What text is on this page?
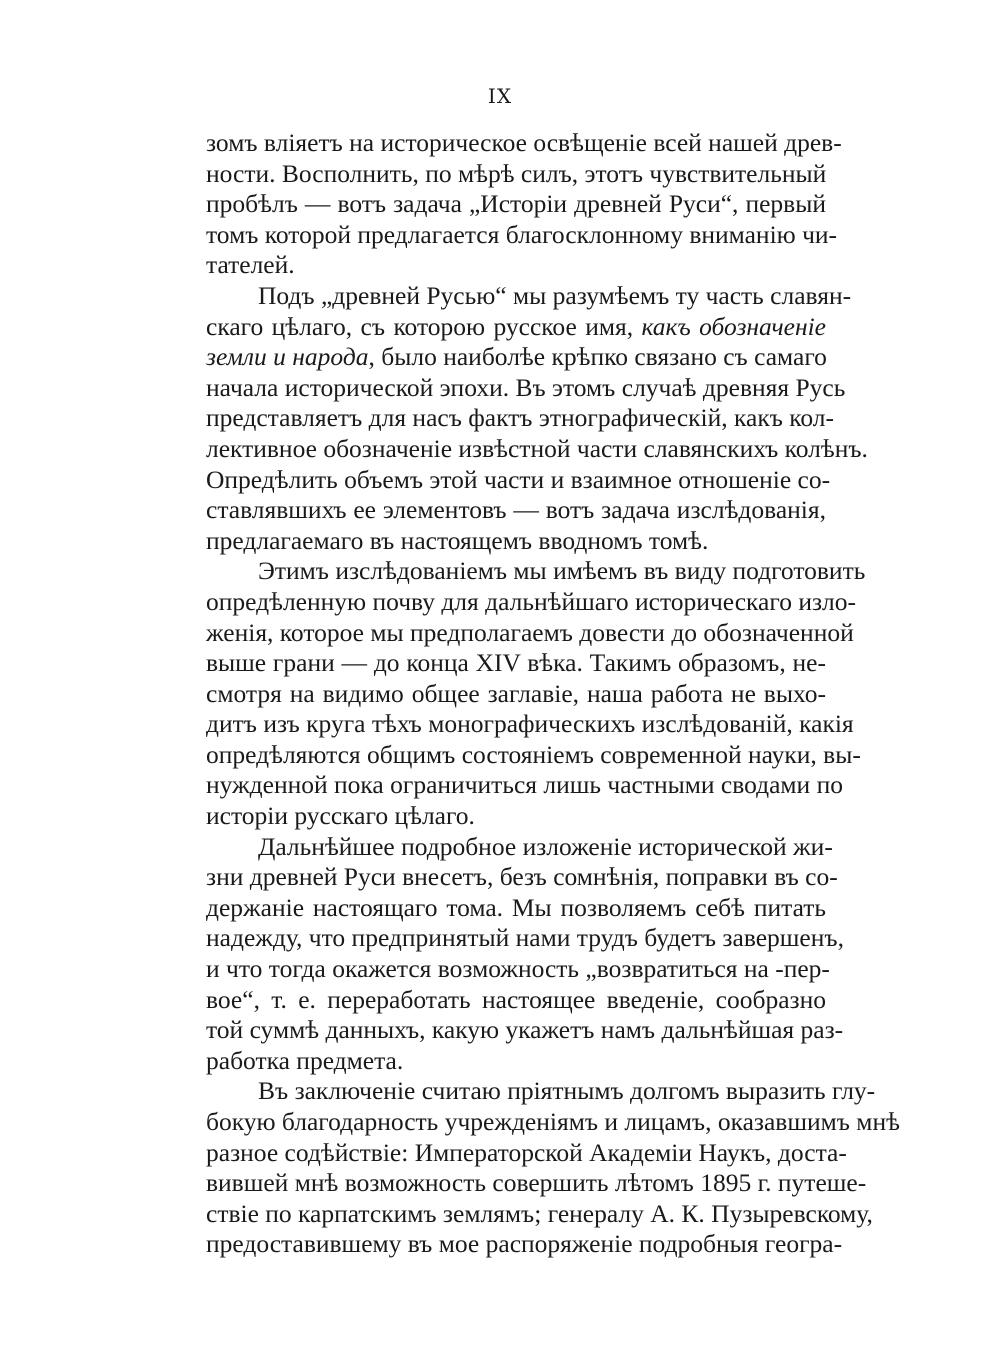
IX
зомъ вліяетъ на историческое освѣщеніе всей нашей древ-
ности. Восполнить, по мѣрѣ силъ, этотъ чувствительный
пробѣлъ — вотъ задача „Исторіи древней Руси“, первый
томъ которой предлагается благосклонному вниманію чи-
тателей.
Подъ „древней Русью“ мы разумѣемъ ту часть славян-
скаго цѣлаго, съ которою русское имя, какъ обозначеніе
земли и народа, было наиболѣе крѣпко связано съ самаго
началa исторической эпохи. Въ этомъ случаѣ древняя Русь
представляетъ для насъ фактъ этнографическій, какъ кол-
лективное обозначеніе извѣстной части славянскихъ колѣнъ.
Опредѣлить объемъ этой части и взаимное отношеніе со-
ставлявшихъ ее элементовъ — вотъ задача изслѣдованія,
предлагаемаго въ настоящемъ вводномъ томѣ.
Этимъ изслѣдованіемъ мы имѣемъ въ виду подготовить
опредѣленную почву для дальнѣйшаго историческаго изло-
женія, которое мы предполагаемъ довести до обозначенной
выше грани — до конца XIV вѣка. Такимъ образомъ, не-
смотря на видимо общее заглавіе, наша работа не выхо-
дитъ изъ круга тѣхъ монографическихъ изслѣдованій, какія
опредѣляются общимъ состояніемъ современной науки, вы-
нужденной пока ограничиться лишь частными сводами по
исторіи русскаго цѣлаго.
Дальнѣйшее подробное изложеніе исторической жи-
зни древней Руси внесетъ, безъ сомнѣнія, поправки въ со-
держаніе настоящаго тома. Мы позволяемъ себѣ питать
надежду, что предпринятый нами трудъ будетъ завершенъ,
и что тогда окажется возможность „возвратиться на -пер-
вое“, т. е. переработать настоящее введеніе, сообразно
той суммѣ данныхъ, какую укажетъ намъ дальнѣйшая раз-
работка предмета.
Въ заключеніе считаю пріятнымъ долгомъ выразить глу-
бокую благодарность учрежденіямъ и лицамъ, оказавшимъ мнѣ
разное содѣйствіе: Императорской Академіи Наукъ, доста-
вившей мнѣ возможность совершить лѣтомъ 1895 г. путеше-
ствіе по карпатскимъ землямъ; генералу А. К. Пузыревскому,
предоставившему въ мое распоряженіе подробныя геогра-
